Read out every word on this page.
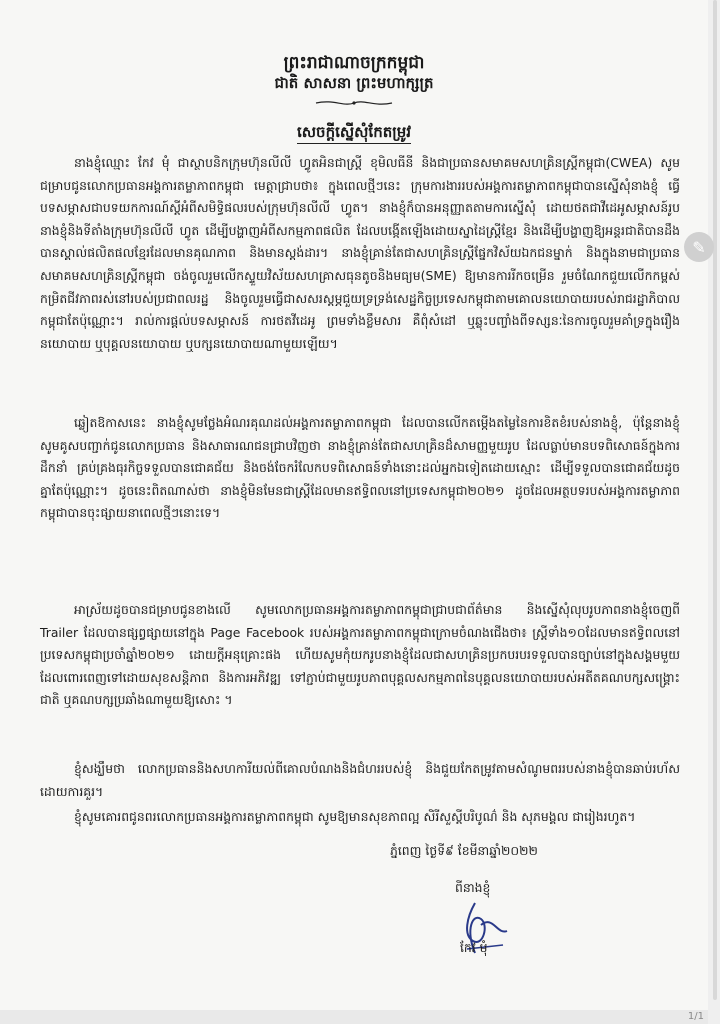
ព្រះរាជាណាចក្រកម្ពុជា
ជាតិ សាសនា ព្រះមហាក្សត្រ
សេចក្តីស្នើសុំកែតម្រូវ
នាងខ្ញុំឈ្មោះ កែវ មុំ ជាស្ថាបនិកក្រុមហ៊ុនលីលី ហ្វូតអិនជាស្ត្រី ខុមិលធីនី និងជាប្រធានសមាគមសហគ្រិនស្ត្រីកម្ពុជា(CWEA) សូមជម្រាបជូនលោកប្រធានអង្គការតម្លាភាពកម្ពុជា មេត្តាជ្រាបថា៖ ក្នុងពេលថ្មីៗនេះ ក្រុមការងាររបស់អង្គការតម្លាភាពកម្ពុជាបានស្នើសុំនាងខ្ញុំ ធ្វើបទសម្ភាសជាបទយកការណ៍ស្តីអំពីសមិទ្ធិផលរបស់ក្រុមហ៊ុនលីលី ហ្វូត។ នាងខ្ញុំក៏បានអនុញ្ញាតតាមការស្នើសុំ ដោយថតជាវីដេអូសម្ភាសន៍រូបនាងខ្ញុំនិងទីតាំងក្រុមហ៊ុនលីលី ហ្វូត ដើម្បីបង្ហាញអំពីសកម្មភាពផលិត ដែលបង្កើតឡើងដោយស្នាដៃស្ត្រីខ្មែរ និងដើម្បីបង្ហាញឱ្យអន្តរជាតិបានដឹងបានស្គាល់ផលិតផលខ្មែរដែលមានគុណភាព និងមានស្តង់ដារ។ នាងខ្ញុំគ្រាន់តែជាសហគ្រិនស្ត្រីផ្នែកវិស័យឯកជនម្នាក់ និងក្នុងនាមជាប្រធានសមាគមសហគ្រិនស្ត្រីកម្ពុជា ចង់ចូលរួមលើកស្ទួយវិស័យសហគ្រាសធុនតូចនិងមធ្យម(SME) ឱ្យមានការរីកចម្រើន រួមចំណែកជួយលើកកម្ពស់កម្រិតជីវភាពរស់នៅរបស់ប្រជាពលរដ្ឋ និងចូលរួមធ្វើជាសសរស្តម្ភជួយទ្រទ្រង់សេដ្ឋកិច្ចប្រទេសកម្ពុជាតាមគោលនយោបាយរបស់រាជរដ្ឋាភិបាលកម្ពុជាតែប៉ុណ្ណោះ។ រាល់ការផ្តល់បទសម្ភាសន៍ ការថតវីដេអូ ព្រមទាំងខ្លឹមសារ គឺពុំសំដៅ ឬឆ្លុះបញ្ចាំងពីទស្សនៈនៃការចូលរួមគាំទ្រក្នុងរឿងនយោបាយ ឬបុគ្គលនយោបាយ ឬបក្សនយោបាយណាមួយឡើយ។
ឆ្លៀតឱកាសនេះ នាងខ្ញុំសូមថ្លែងអំណរគុណដល់អង្គការតម្លាភាពកម្ពុជា ដែលបានលើកតម្កើងតម្លៃនៃការខិតខំរបស់នាងខ្ញុំ, ប៉ុន្តែនាងខ្ញុំសូមគូសបញ្ជាក់ជូនលោកប្រធាន និងសាធារណជនជ្រាបវិញថា នាងខ្ញុំគ្រាន់តែជាសហគ្រិនដ៏សាមញ្ញមួយរូប ដែលធ្លាប់មានបទពិសោធន៍ក្នុងការដឹកនាំ គ្រប់គ្រងធុរកិច្ចទទួលបានជោគជ័យ និងចង់ចែករំលែកបទពិសោធន៍ទាំងនោះដល់អ្នកឯទៀតដោយស្មោះ ដើម្បីទទួលបានជោគជ័យដូចគ្នាតែប៉ុណ្ណោះ។ ដូចនេះពិតណាស់ថា នាងខ្ញុំមិនមែនជាស្ត្រីដែលមានឥទ្ធិពលនៅប្រទេសកម្ពុជា២០២១ ដូចដែលអត្ថបទរបស់អង្គការតម្លាភាពកម្ពុជាបានចុះផ្សាយនាពេលថ្មីៗនោះទេ។
អាស្រ័យដូចបានជម្រាបជូនខាងលើ សូមលោកប្រធានអង្គការតម្លាភាពកម្ពុជាជ្រាបជាព័ត៌មាន និងស្នើសុំលុបរូបភាពនាងខ្ញុំចេញពី Trailer ដែលបានផ្សព្វផ្សាយនៅក្នុង Page Facebook របស់អង្គការតម្លាភាពកម្ពុជាក្រោមចំណងជើងថា៖ ស្ត្រីទាំង១០ដែលមានឥទ្ធិពលនៅប្រទេសកម្ពុជាប្រចាំឆ្នាំ២០២១ ដោយក្តីអនុគ្រោះផង ហើយសូមកុំយករូបនាងខ្ញុំដែលជាសហគ្រិនប្រកបរបរទទួលបានច្បាប់នៅក្នុងសង្គមមួយដែលពោរពេញទៅដោយសុខសន្តិភាព និងការអភិវឌ្ឍ ទៅភ្ជាប់ជាមួយរូបភាពបុគ្គលសកម្មភាពនៃបុគ្គលនយោបាយរបស់អតីតគណបក្សសង្គ្រោះជាតិ ឬគណបក្សប្រឆាំងណាមួយឱ្យសោះ ។
ខ្ញុំសង្ឃឹមថា លោកប្រធាននិងសហការីយល់ពីគោលបំណងនិងជំហររបស់ខ្ញុំ និងជួយកែតម្រូវតាមសំណូមពររបស់នាងខ្ញុំបានឆាប់រហ័ស ដោយការគួរ។
ខ្ញុំសូមគោរពជូនពរលោកប្រធានអង្គការតម្លាភាពកម្ពុជា សូមឱ្យមានសុខភាពល្អ សិរីសួស្តីបរិបូណ៌ និង សុភមង្គល ជារៀងរហូត។
ភ្នំពេញ ថ្ងៃទី៩ ខែមីនាឆ្នាំ២០២២
ពីនាងខ្ញុំ
កែវ មុំ
✎
1/1
